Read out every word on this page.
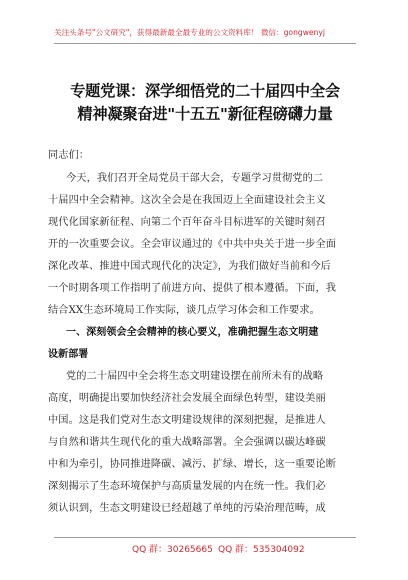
关注头条号"公文研究"，获得最新最全最专业的公文资料库！ 微信：gongwenyj
专题党课：深学细悟党的二十届四中全会
精神凝聚奋进"十五五"新征程磅礴力量
同志们：
今天，我们召开全局党员干部大会，专题学习贯彻党的二
十届四中全会精神。这次全会是在我国迈上全面建设社会主义
现代化国家新征程、向第二个百年奋斗目标进军的关键时刻召
开的一次重要会议。全会审议通过的《中共中央关于进一步全面
深化改革、推进中国式现代化的决定》，为我们做好当前和今后
一个时期各项工作指明了前进方向、提供了根本遵循。下面，我
结合XX生态环境局工作实际，谈几点学习体会和工作要求。
一、深刻领会全会精神的核心要义，准确把握生态文明建
设新部署
党的二十届四中全会将生态文明建设摆在前所未有的战略
高度，明确提出要加快经济社会发展全面绿色转型，建设美丽
中国。这是我们党对生态文明建设规律的深刻把握，是推进人
与自然和谐共生现代化的重大战略部署。全会强调以碳达峰碳
中和为牵引，协同推进降碳、减污、扩绿、增长，这一重要论断
深刻揭示了生态环境保护与高质量发展的内在统一性。我们必
须认识到，生态文明建设已经超越了单纯的污染治理范畴，成
QQ 群：30265665 QQ 群：535304092
